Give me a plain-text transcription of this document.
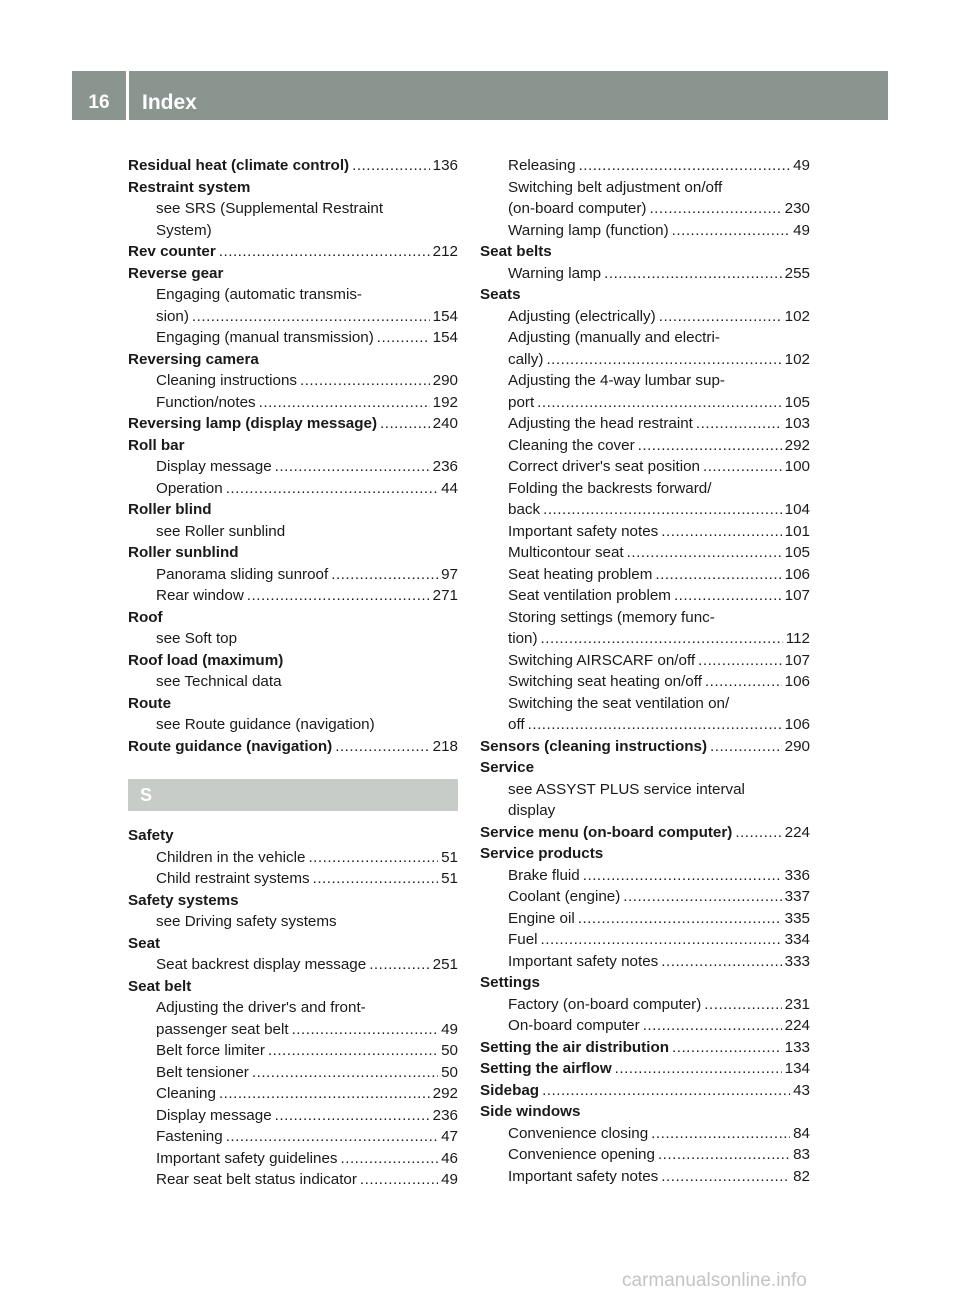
16	Index
Residual heat (climate control) .....	136
Restraint system
see SRS (Supplemental Restraint
System)
Rev counter .....	212
Reverse gear
Engaging (automatic transmis-
sion) .....	154
Engaging (manual transmission) .....	154
Reversing camera
Cleaning instructions .....	290
Function/notes .....	192
Reversing lamp (display message) .....	240
Roll bar
Display message .....	236
Operation .....	44
Roller blind
see Roller sunblind
Roller sunblind
Panorama sliding sunroof .....	97
Rear window .....	271
Roof
see Soft top
Roof load (maximum)
see Technical data
Route
see Route guidance (navigation)
Route guidance (navigation) .....	218
S
Safety
Children in the vehicle .....	51
Child restraint systems .....	51
Safety systems
see Driving safety systems
Seat
Seat backrest display message .....	251
Seat belt
Adjusting the driver's and front-
passenger seat belt .....	49
Belt force limiter .....	50
Belt tensioner .....	50
Cleaning .....	292
Display message .....	236
Fastening .....	47
Important safety guidelines .....	46
Rear seat belt status indicator .....	49
Releasing .....	49
Switching belt adjustment on/off
(on-board computer) .....	230
Warning lamp (function) .....	49
Seat belts
Warning lamp .....	255
Seats
Adjusting (electrically) .....	102
Adjusting (manually and electri-
cally) .....	102
Adjusting the 4-way lumbar sup-
port .....	105
Adjusting the head restraint .....	103
Cleaning the cover .....	292
Correct driver's seat position .....	100
Folding the backrests forward/
back .....	104
Important safety notes .....	101
Multicontour seat .....	105
Seat heating problem .....	106
Seat ventilation problem .....	107
Storing settings (memory func-
tion) .....	112
Switching AIRSCARF on/off .....	107
Switching seat heating on/off .....	106
Switching the seat ventilation on/
off .....	106
Sensors (cleaning instructions) .....	290
Service
see ASSYST PLUS service interval
display
Service menu (on-board computer) .....	224
Service products
Brake fluid .....	336
Coolant (engine) .....	337
Engine oil .....	335
Fuel .....	334
Important safety notes .....	333
Settings
Factory (on-board computer) .....	231
On-board computer .....	224
Setting the air distribution .....	133
Setting the airflow .....	134
Sidebag .....	43
Side windows
Convenience closing .....	84
Convenience opening .....	83
Important safety notes .....	82
carmanualsonline.info
